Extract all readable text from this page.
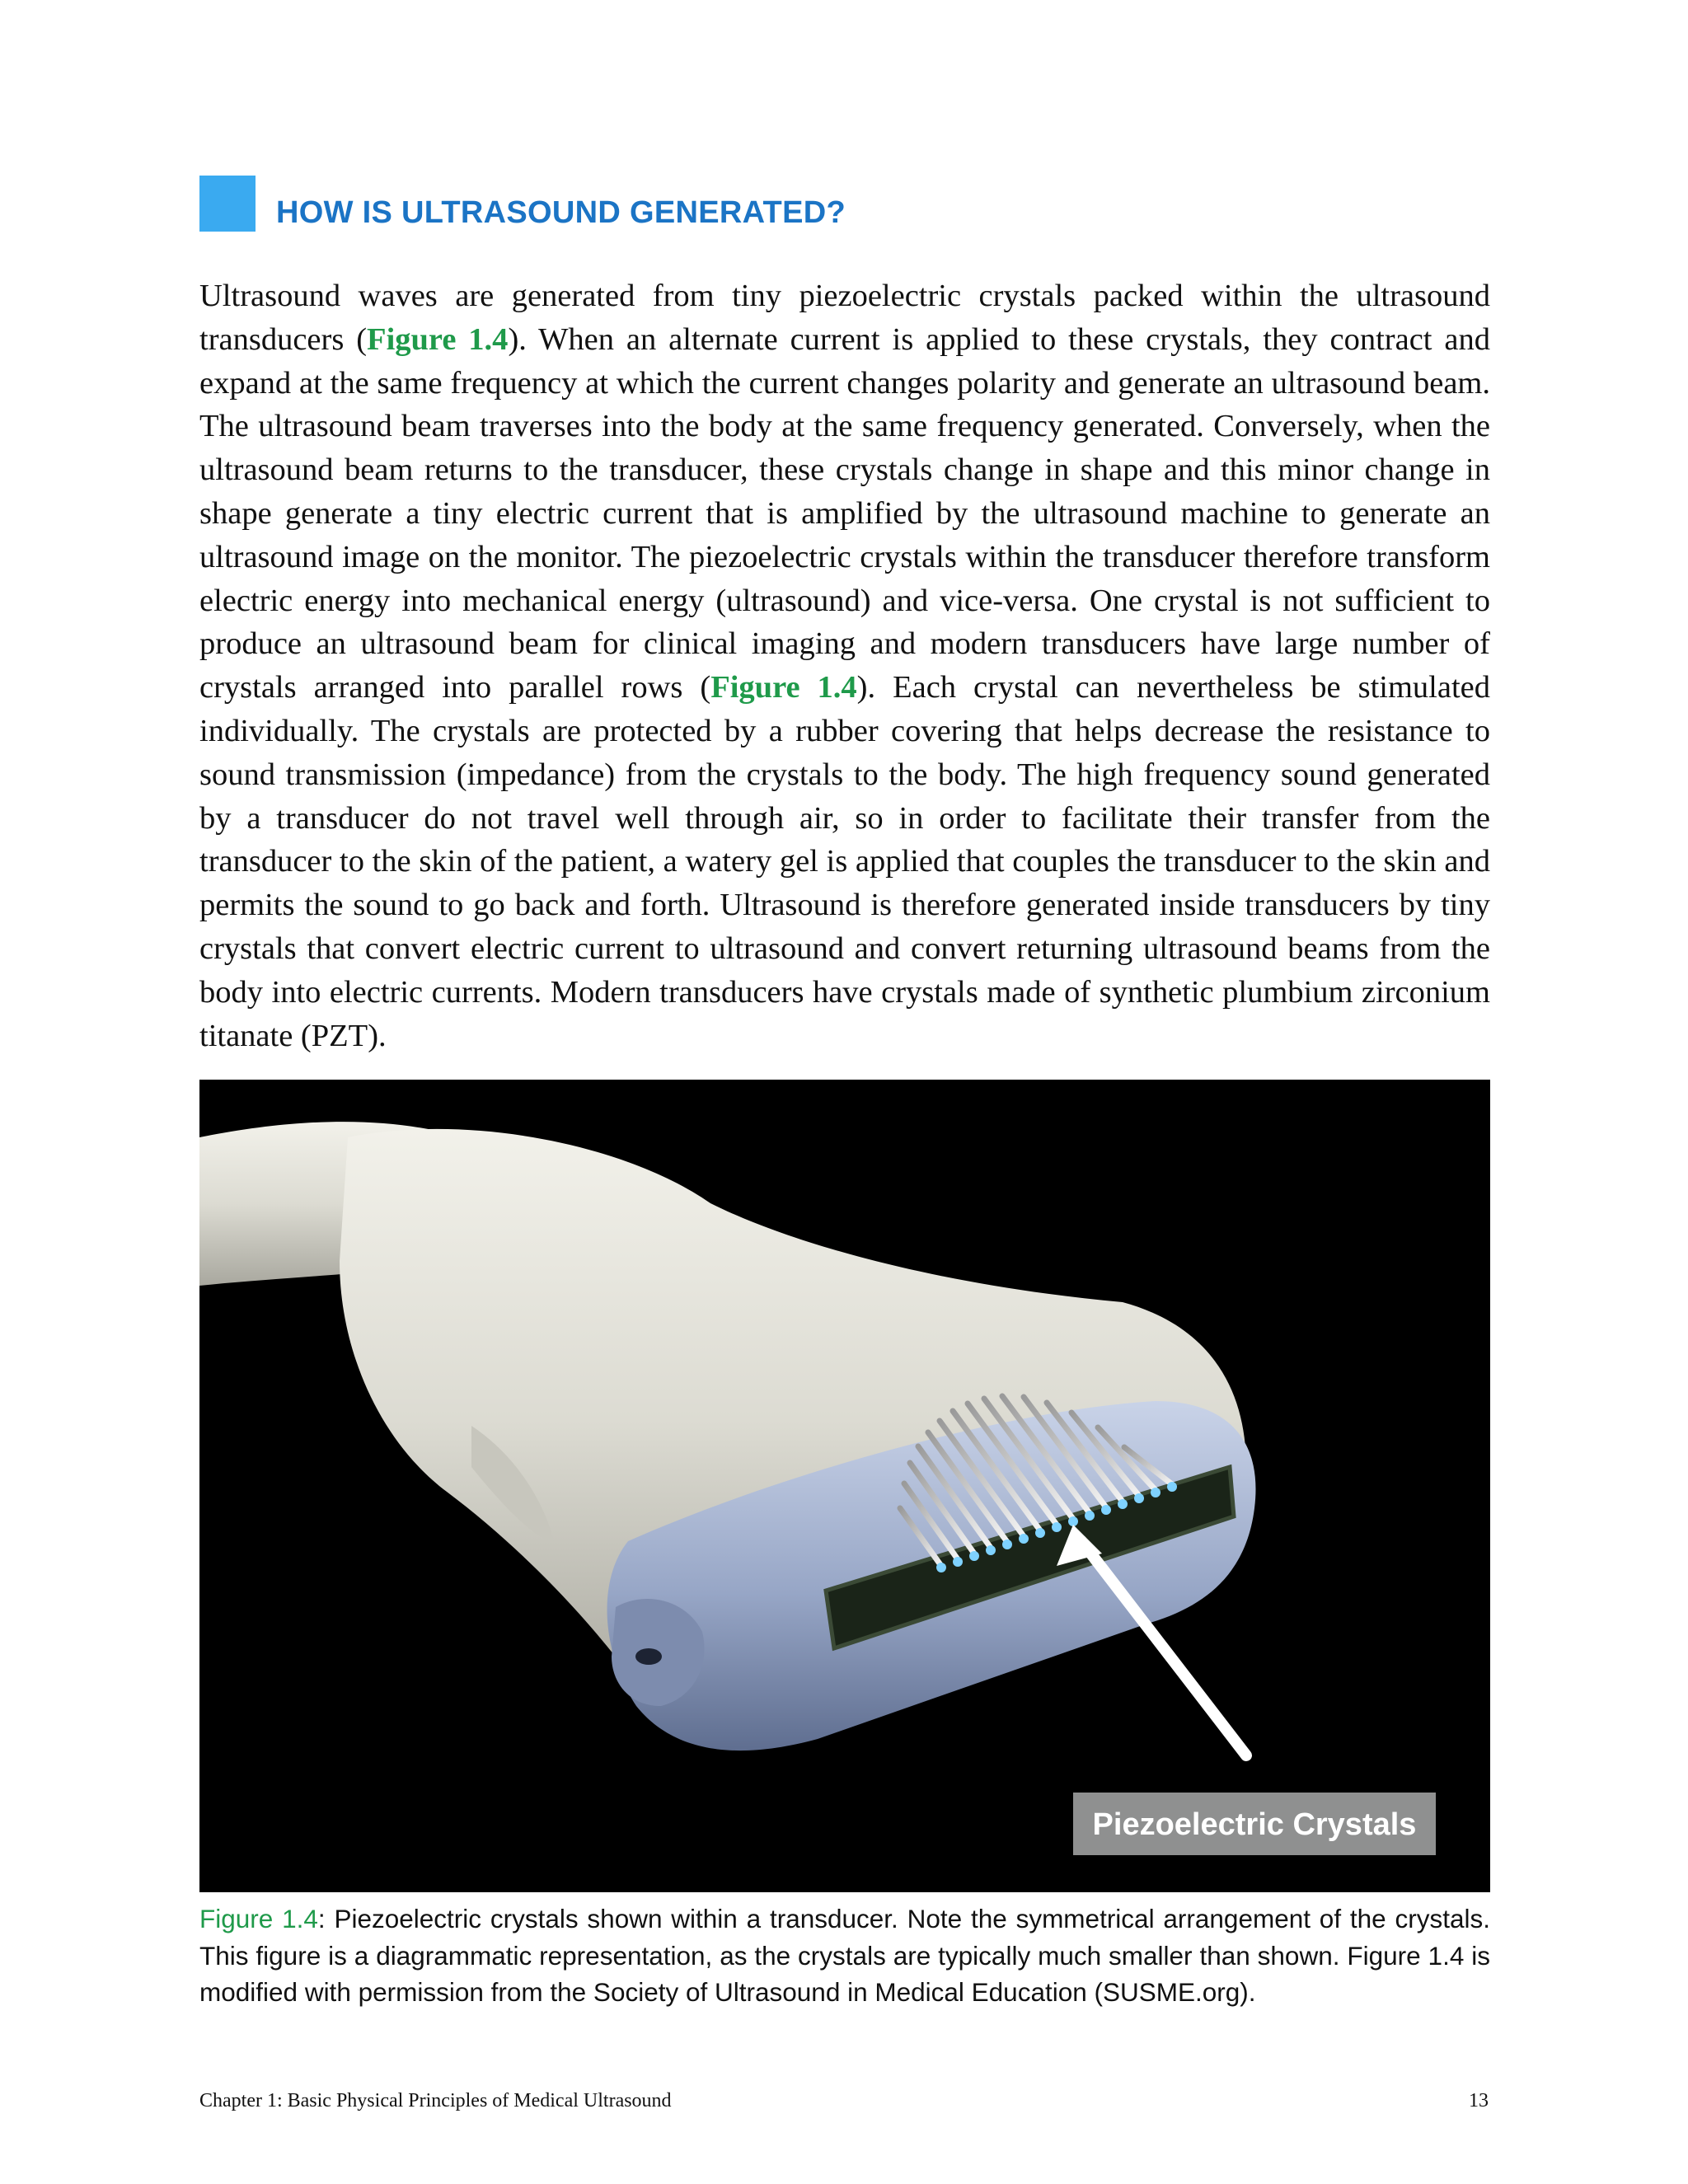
HOW IS ULTRASOUND GENERATED?

Ultrasound waves are generated from tiny piezoelectric crystals packed within the ultrasound transducers (Figure 1.4). When an alternate current is applied to these crystals, they contract and expand at the same frequency at which the current changes polarity and generate an ultrasound beam. The ultrasound beam traverses into the body at the same frequency generated. Conversely, when the ultrasound beam returns to the transducer, these crystals change in shape and this minor change in shape generate a tiny electric current that is amplified by the ultrasound machine to generate an ultrasound image on the monitor. The piezoelectric crystals within the transducer therefore transform electric energy into mechanical energy (ultrasound) and vice-versa. One crystal is not sufficient to produce an ultrasound beam for clinical imaging and modern transducers have large number of crystals arranged into parallel rows (Figure 1.4). Each crystal can nevertheless be stimulated individually. The crystals are protected by a rubber covering that helps decrease the resistance to sound transmission (impedance) from the crystals to the body. The high frequency sound generated by a transducer do not travel well through air, so in order to facilitate their transfer from the transducer to the skin of the patient, a watery gel is applied that couples the transducer to the skin and permits the sound to go back and forth. Ultrasound is therefore generated inside transducers by tiny crystals that convert electric current to ultrasound and convert returning ultrasound beams from the body into electric currents. Modern transducers have crystals made of synthetic plumbium zirconium titanate (PZT).

Piezoelectric Crystals

Figure 1.4: Piezoelectric crystals shown within a transducer. Note the symmetrical arrangement of the crystals. This figure is a diagrammatic representation, as the crystals are typically much smaller than shown. Figure 1.4 is modified with permission from the Society of Ultrasound in Medical Education (SUSME.org).

Chapter 1: Basic Physical Principles of Medical Ultrasound	13
